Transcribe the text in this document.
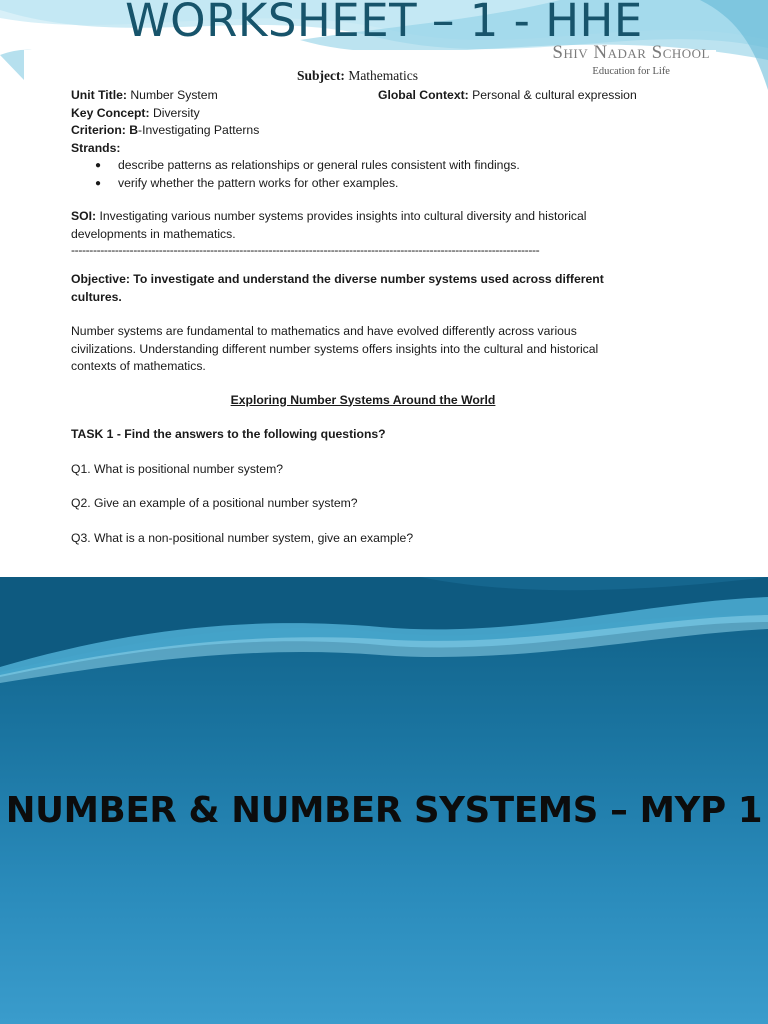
WORKSHEET – 1 - HHE
Shiv Nadar School
Education for Life
Subject: Mathematics
Unit Title: Number System	Global Context: Personal & cultural expression
Key Concept: Diversity
Criterion: B-Investigating Patterns
Strands:
● describe patterns as relationships or general rules consistent with findings.
● verify whether the pattern works for other examples.
SOI: Investigating various number systems provides insights into cultural diversity and historical
developments in mathematics.
--------------------------------------------------------------------------------------------------------------------------------
Objective: To investigate and understand the diverse number systems used across different
cultures.
Number systems are fundamental to mathematics and have evolved differently across various
civilizations. Understanding different number systems offers insights into the cultural and historical
contexts of mathematics.
Exploring Number Systems Around the World
TASK 1 - Find the answers to the following questions?
Q1. What is positional number system?
Q2. Give an example of a positional number system?
Q3. What is a non-positional number system, give an example?
NUMBER & NUMBER SYSTEMS – MYP 1
